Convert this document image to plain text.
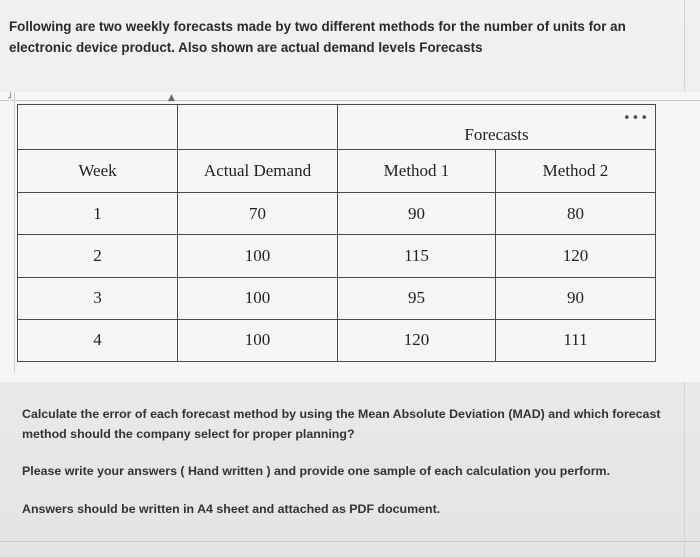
Following are two weekly forecasts made by two different methods for the number of units for an electronic device product. Also shown are actual demand levels Forecasts
┘	▲

		Forecasts
•••	

Week	Actual Demand	Method 1	Method 2
1	70	90	80
2	100	115	120
3	100	95	90
4	100	120	111
Calculate the error of each forecast method by using the Mean Absolute Deviation (MAD) and which forecast method should the company select for proper planning?
Please write your answers ( Hand written ) and provide one sample of each calculation you perform.
Answers should be written in A4 sheet and attached as PDF document.
